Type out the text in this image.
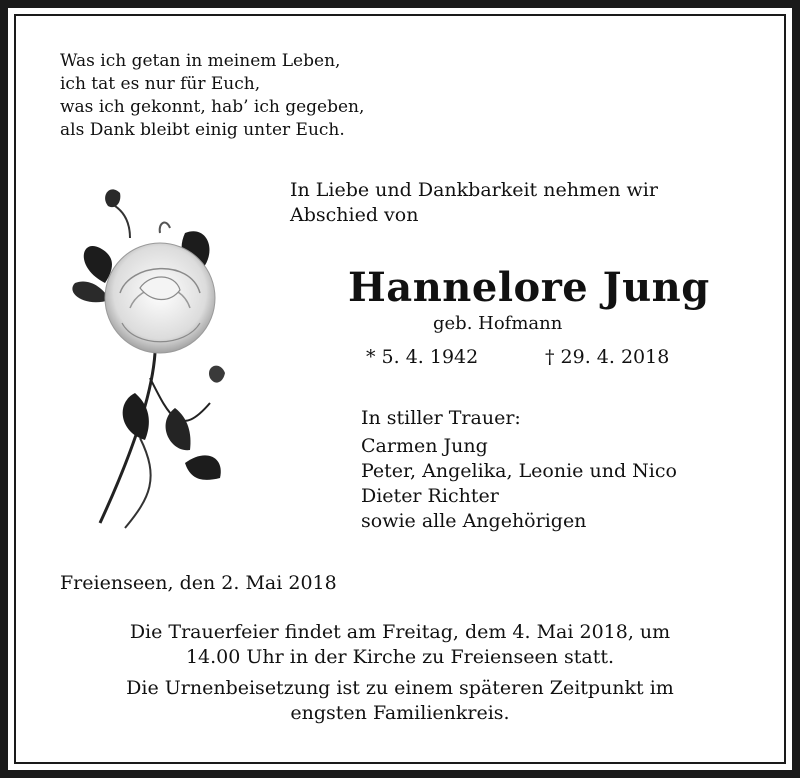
Was ich getan in meinem Leben,
ich tat es nur für Euch,
was ich gekonnt, hab’ ich gegeben,
als Dank bleibt einig unter Euch.
In Liebe und Dankbarkeit nehmen wir
Abschied von
Hannelore Jung
geb. Hofmann
* 5. 4. 1942	† 29. 4. 2018
In stiller Trauer:
Carmen Jung
Peter, Angelika, Leonie und Nico
Dieter Richter
sowie alle Angehörigen
Freienseen, den 2. Mai 2018
Die Trauerfeier findet am Freitag, dem 4. Mai 2018, um
14.00 Uhr in der Kirche zu Freienseen statt.
Die Urnenbeisetzung ist zu einem späteren Zeitpunkt im
engsten Familienkreis.
